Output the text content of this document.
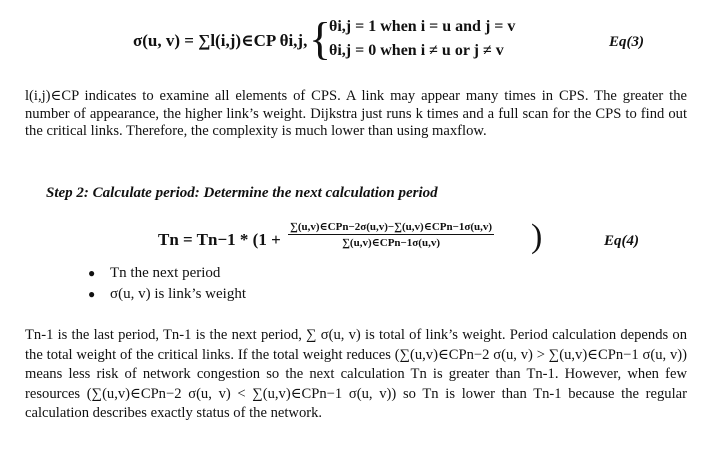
σ(u, v) = ∑l(i,j)∈CP θi,j, {
θi,j = 1 when i = u and j = v
θi,j = 0 when i ≠ u or j ≠ v	Eq(3)

l(i,j)∈CP indicates to examine all elements of CPS. A link may appear many times in CPS. The greater the number of appearance, the higher link’s weight. Dijkstra just runs k times and a full scan for the CPS to find out the critical links. Therefore, the complexity is much lower than using maxflow.

Step 2: Calculate period: Determine the next calculation period
Tn = Tn−1 * (1 +
∑(u,v)∈CPn−2σ(u,v)−∑(u,v)∈CPn−1σ(u,v)
∑(u,v)∈CPn−1σ(u,v)	)	Eq(4)
● Tn the next period
● σ(u, v) is link’s weight

Tn-1 is the last period, Tn-1 is the next period, ∑ σ(u, v) is total of link’s weight. Period calculation depends on the total weight of the critical links. If the total weight reduces (∑(u,v)∈CPn−2 σ(u, v) > ∑(u,v)∈CPn−1 σ(u, v)) means less risk of network congestion so the next calculation Tn is greater than Tn-1. However, when few resources (∑(u,v)∈CPn−2 σ(u, v) < ∑(u,v)∈CPn−1 σ(u, v)) so Tn is lower than Tn-1 because the regular calculation describes exactly status of the network.
